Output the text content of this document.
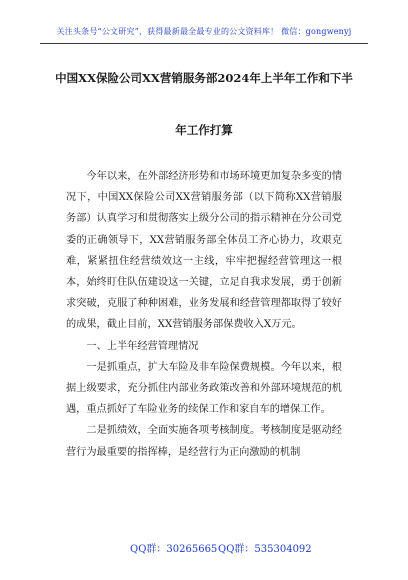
关注头条号“公文研究”，获得最新最全最专业的公文资料库！ 微信：gongwenyj
中国XX保险公司XX营销服务部2024年上半年工作和下半
年工作打算

今年以来，在外部经济形势和市场环境更加复杂多变的情况下，中国XX保险公司XX营销服务部（以下简称XX营销服务部）认真学习和贯彻落实上级分公司的指示精神在分公司党委的正确领导下，XX营销服务部全体员工齐心协力，攻艰克难，紧紧扭住经营绩效这一主线，牢牢把握经营管理这一根本，始终盯住队伍建设这一关键，立足自我求发展，勇于创新求突破，克服了种种困难，业务发展和经营管理都取得了较好的成果，截止目前，XX营销服务部保费收入X万元。

一、上半年经营管理情况

一是抓重点，扩大车险及非车险保费规模。今年以来，根据上级要求，充分抓住内部业务政策改善和外部环境规范的机遇，重点抓好了车险业务的续保工作和家自车的增保工作。

二是抓绩效，全面实施各项考核制度。考核制度是驱动经营行为最重要的指挥棒，是经营行为正向激励的机制

QQ群：30265665 QQ群：535304092
